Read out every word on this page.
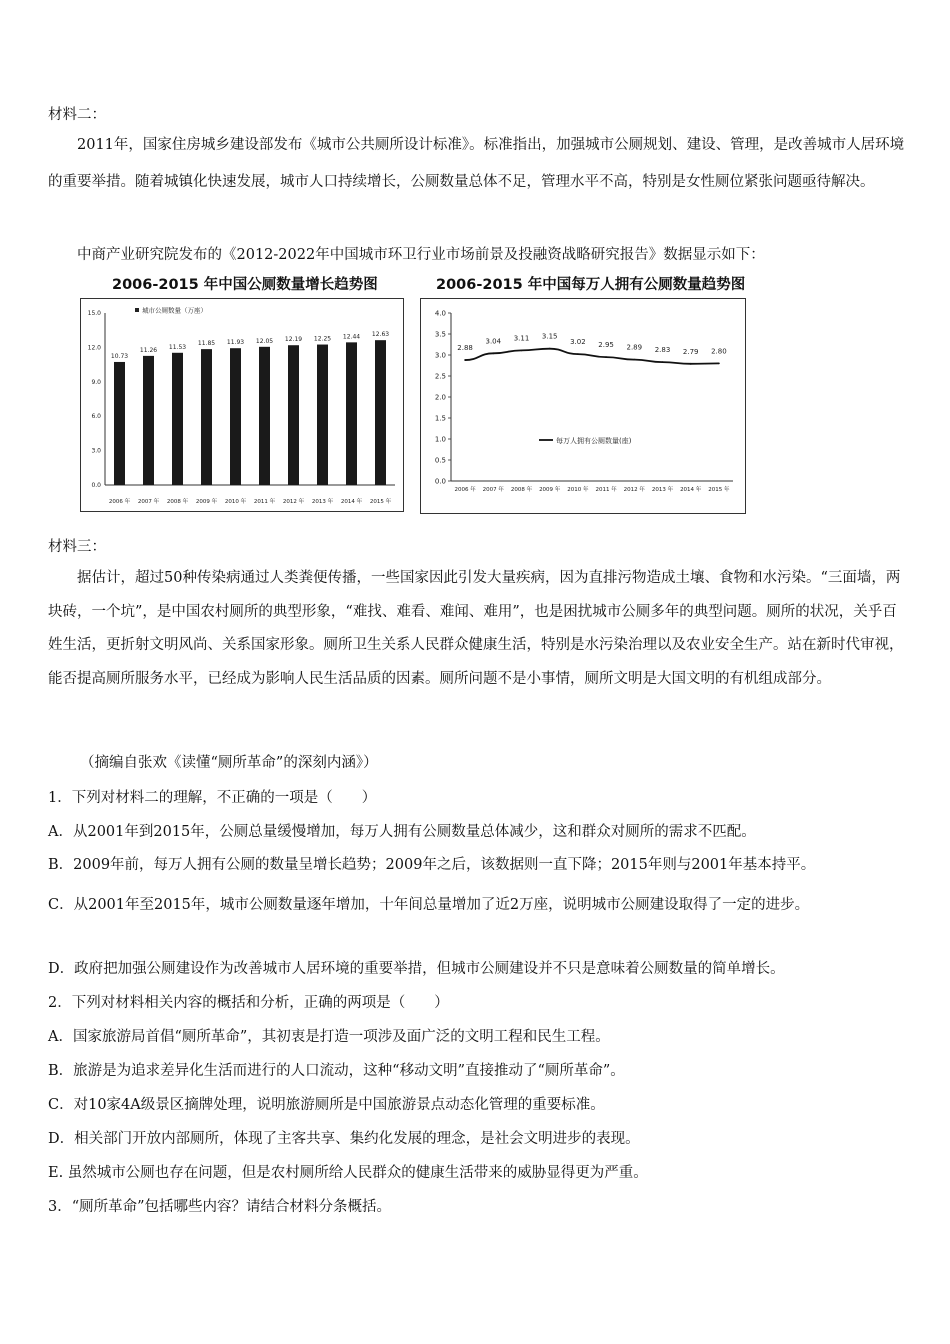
材料二：

2011年，国家住房城乡建设部发布《城市公共厕所设计标准》。标准指出，加强城市公厕规划、建设、管理，是改善城市人居环境的重要举措。随着城镇化快速发展，城市人口持续增长，公厕数量总体不足，管理水平不高，特别是女性厕位紧张问题亟待解决。

中商产业研究院发布的《2012-2022年中国城市环卫行业市场前景及投融资战略研究报告》数据显示如下：

2006-2015 年中国公厕数量增长趋势图
0.0
3.0
6.0
9.0
12.0
15.0	城市公厕数量（万座）
10.73
2006 年
11.26
2007 年
11.53
2008 年
11.85
2009 年
11.93
2010 年
12.05
2011 年
12.19
2012 年
12.25
2013 年
12.44
2014 年
12.63
2015 年
2006-2015 年中国每万人拥有公厕数量趋势图
0.0
0.5
1.0
1.5
2.0
2.5
3.0
3.5
4.0
2.88
2006 年
3.04
2007 年
3.11
2008 年
3.15
2009 年
3.02
2010 年
2.95
2011 年
2.89
2012 年
2.83
2013 年
2.79
2014 年
2.80
2015 年
每万人拥有公厕数量(座)

材料三：

据估计，超过50种传染病通过人类粪便传播，一些国家因此引发大量疾病，因为直排污物造成土壤、食物和水污染。“三面墙，两块砖，一个坑”，是中国农村厕所的典型形象，“难找、难看、难闻、难用”，也是困扰城市公厕多年的典型问题。厕所的状况，关乎百姓生活，更折射文明风尚、关系国家形象。厕所卫生关系人民群众健康生活，特别是水污染治理以及农业安全生产。站在新时代审视，能否提高厕所服务水平，已经成为影响人民生活品质的因素。厕所问题不是小事情，厕所文明是大国文明的有机组成部分。

（摘编自张欢《读懂“厕所革命”的深刻内涵》）

1．下列对材料二的理解，不正确的一项是（　　）

A．从2001年到2015年，公厕总量缓慢增加，每万人拥有公厕数量总体减少，这和群众对厕所的需求不匹配。

B．2009年前，每万人拥有公厕的数量呈增长趋势；2009年之后，该数据则一直下降；2015年则与2001年基本持平。

C．从2001年至2015年，城市公厕数量逐年增加，十年间总量增加了近2万座，说明城市公厕建设取得了一定的进步。

D．政府把加强公厕建设作为改善城市人居环境的重要举措，但城市公厕建设并不只是意味着公厕数量的简单增长。

2．下列对材料相关内容的概括和分析，正确的两项是（　　）

A．国家旅游局首倡“厕所革命”，其初衷是打造一项涉及面广泛的文明工程和民生工程。

B．旅游是为追求差异化生活而进行的人口流动，这种“移动文明”直接推动了“厕所革命”。

C．对10家4A级景区摘牌处理，说明旅游厕所是中国旅游景点动态化管理的重要标准。

D．相关部门开放内部厕所，体现了主客共享、集约化发展的理念，是社会文明进步的表现。

E. 虽然城市公厕也存在问题，但是农村厕所给人民群众的健康生活带来的威胁显得更为严重。

3．“厕所革命”包括哪些内容？请结合材料分条概括。
